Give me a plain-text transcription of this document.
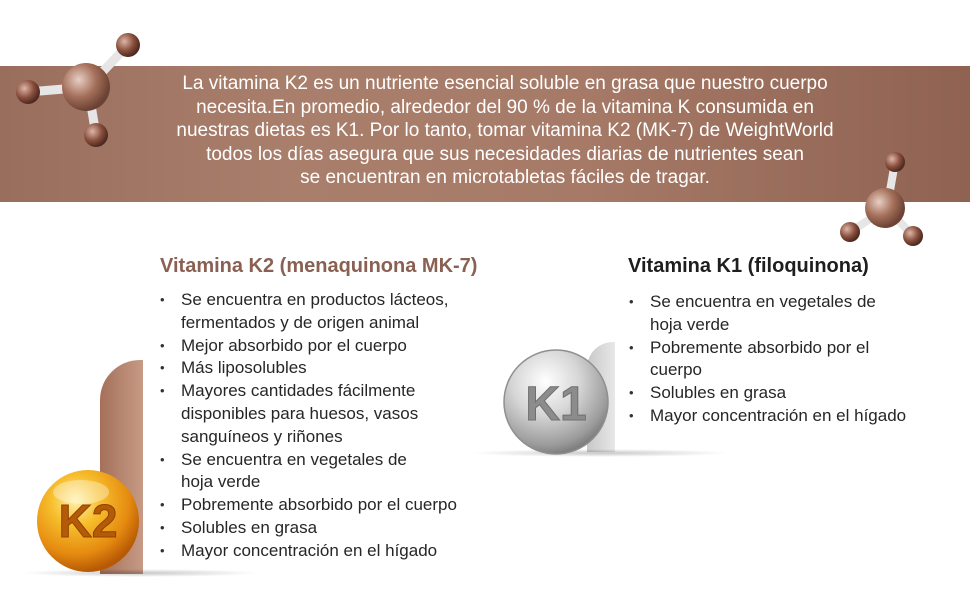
La vitamina K2 es un nutriente esencial soluble en grasa que nuestro cuerpo
necesita.En promedio, alrededor del 90 % de la vitamina K consumida en
nuestras dietas es K1. Por lo tanto, tomar vitamina K2 (MK-7) de WeightWorld
todos los días asegura que sus necesidades diarias de nutrientes sean
se encuentran en microtabletas fáciles de tragar.

Vitamina K2 (menaquinona MK-7)
• Se encuentra en productos lácteos,
fermentados y de origen animal
• Mejor absorbido por el cuerpo
• Más liposolubles
• Mayores cantidades fácilmente
disponibles para huesos, vasos
sanguíneos y riñones
• Se encuentra en vegetales de
hoja verde
• Pobremente absorbido por el cuerpo
• Solubles en grasa
• Mayor concentración en el hígado
Vitamina K1 (filoquinona)
• Se encuentra en vegetales de
hoja verde
• Pobremente absorbido por el
cuerpo
• Solubles en grasa
• Mayor concentración en el hígado
K2
K1
